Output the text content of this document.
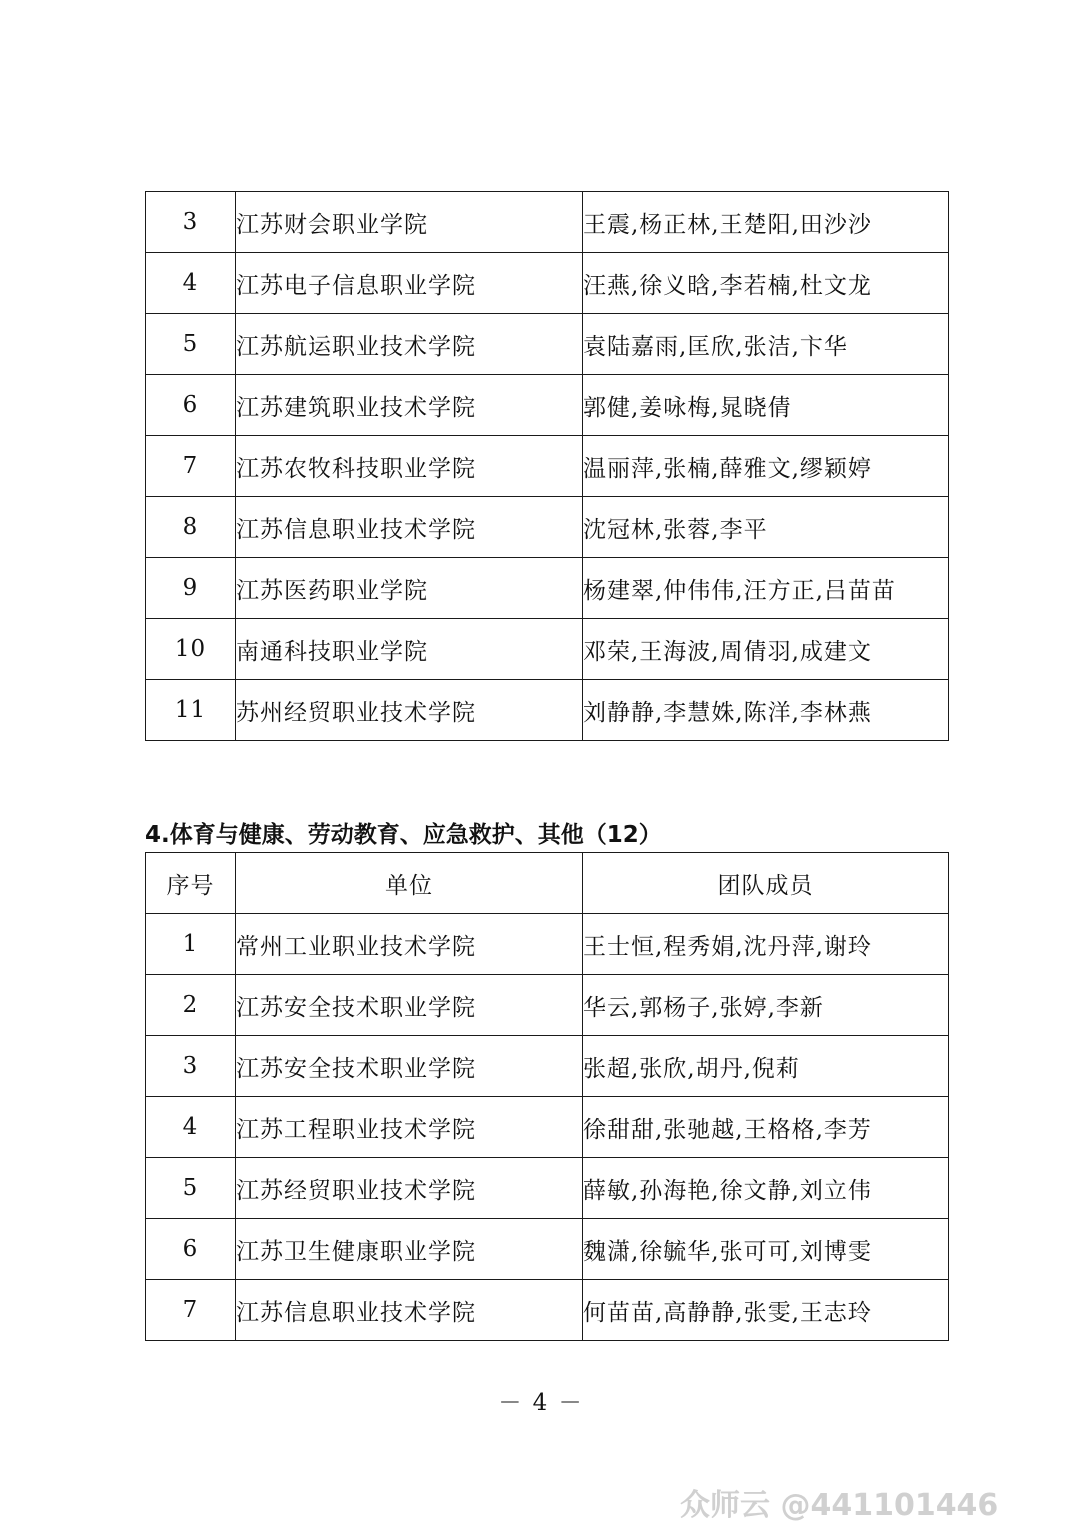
3	江苏财会职业学院	王震,杨正林,王楚阳,田沙沙
4	江苏电子信息职业学院	汪燕,徐义晗,李若楠,杜文龙
5	江苏航运职业技术学院	袁陆嘉雨,匡欣,张洁,卞华
6	江苏建筑职业技术学院	郭健,姜咏梅,晁晓倩
7	江苏农牧科技职业学院	温丽萍,张楠,薛雅文,缪颖婷
8	江苏信息职业技术学院	沈冠林,张蓉,李平
9	江苏医药职业学院	杨建翠,仲伟伟,汪方正,吕苗苗
10	南通科技职业学院	邓荣,王海波,周倩羽,成建文
11	苏州经贸职业技术学院	刘静静,李慧姝,陈洋,李林燕
4.体育与健康、劳动教育、应急救护、其他（12）
序号	单位	团队成员
1	常州工业职业技术学院	王士恒,程秀娟,沈丹萍,谢玲
2	江苏安全技术职业学院	华云,郭杨子,张婷,李新
3	江苏安全技术职业学院	张超,张欣,胡丹,倪莉
4	江苏工程职业技术学院	徐甜甜,张驰越,王格格,李芳
5	江苏经贸职业技术学院	薛敏,孙海艳,徐文静,刘立伟
6	江苏卫生健康职业学院	魏潇,徐毓华,张可可,刘博雯
7	江苏信息职业技术学院	何苗苗,高静静,张雯,王志玲
－ 4 －
众师云 @441101446
